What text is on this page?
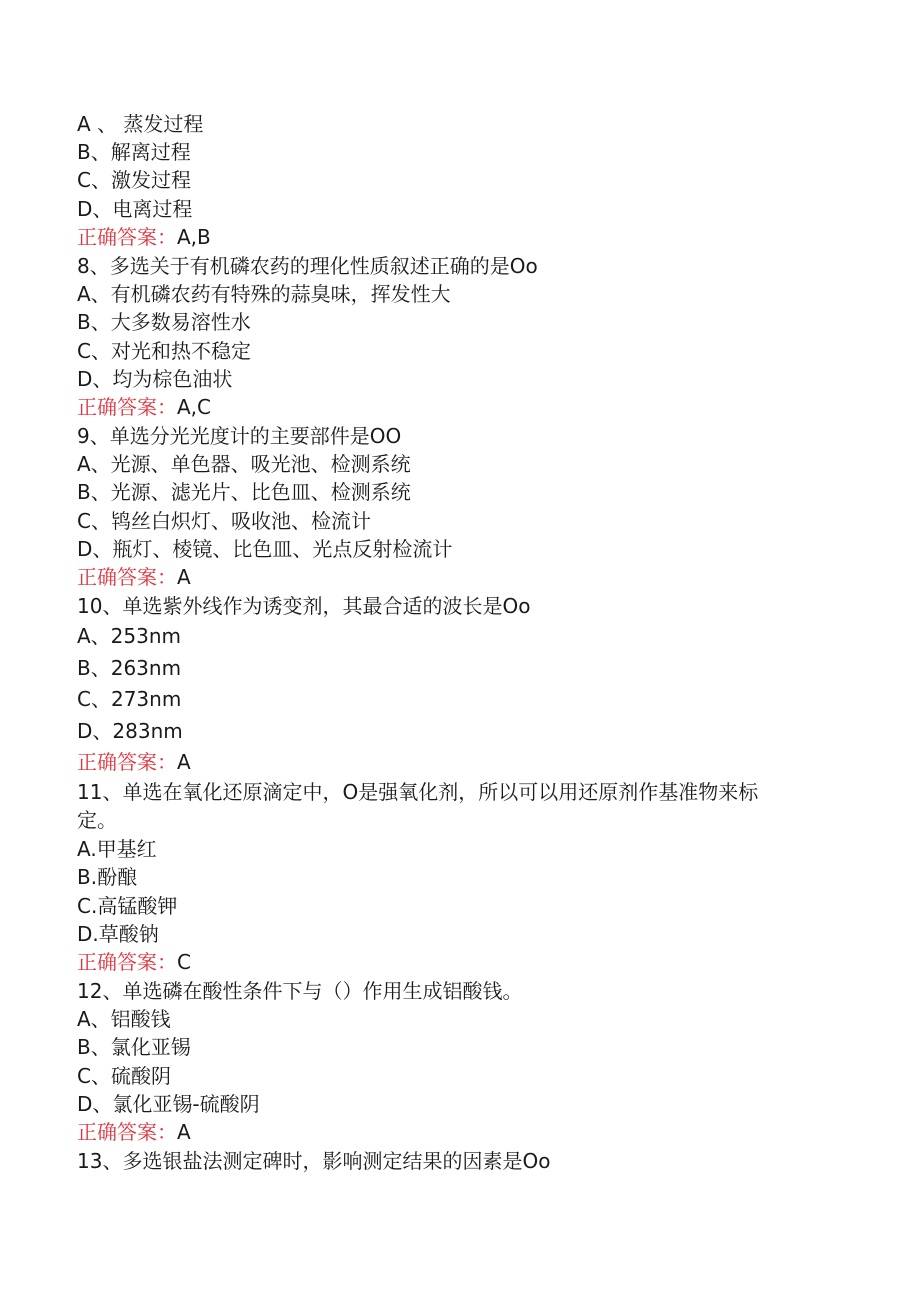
A 、 蒸发过程
B、解离过程
C、激发过程
D、电离过程
正确答案：A,B
8、多选关于有机磷农药的理化性质叙述正确的是Oo
A、有机磷农药有特殊的蒜臭味，挥发性大
B、大多数易溶性水
C、对光和热不稳定
D、均为棕色油状
正确答案：A,C
9、单选分光光度计的主要部件是OO
A、光源、单色器、吸光池、检测系统
B、光源、滤光片、比色皿、检测系统
C、鸨丝白炽灯、吸收池、检流计
D、瓶灯、棱镜、比色皿、光点反射检流计
正确答案：A
10、单选紫外线作为诱变剂，其最合适的波长是Oo
A、253nm
B、263nm
C、273nm
D、283nm
正确答案：A
11、单选在氧化还原滴定中，O是强氧化剂，所以可以用还原剂作基准物来标
定。
A.甲基红
B.酚酿
C.高锰酸钾
D.草酸钠
正确答案：C
12、单选磷在酸性条件下与（）作用生成铝酸钱。
A、铝酸钱
B、氯化亚锡
C、硫酸阴
D、氯化亚锡-硫酸阴
正确答案：A
13、多选银盐法测定碑时，影响测定结果的因素是Oo
